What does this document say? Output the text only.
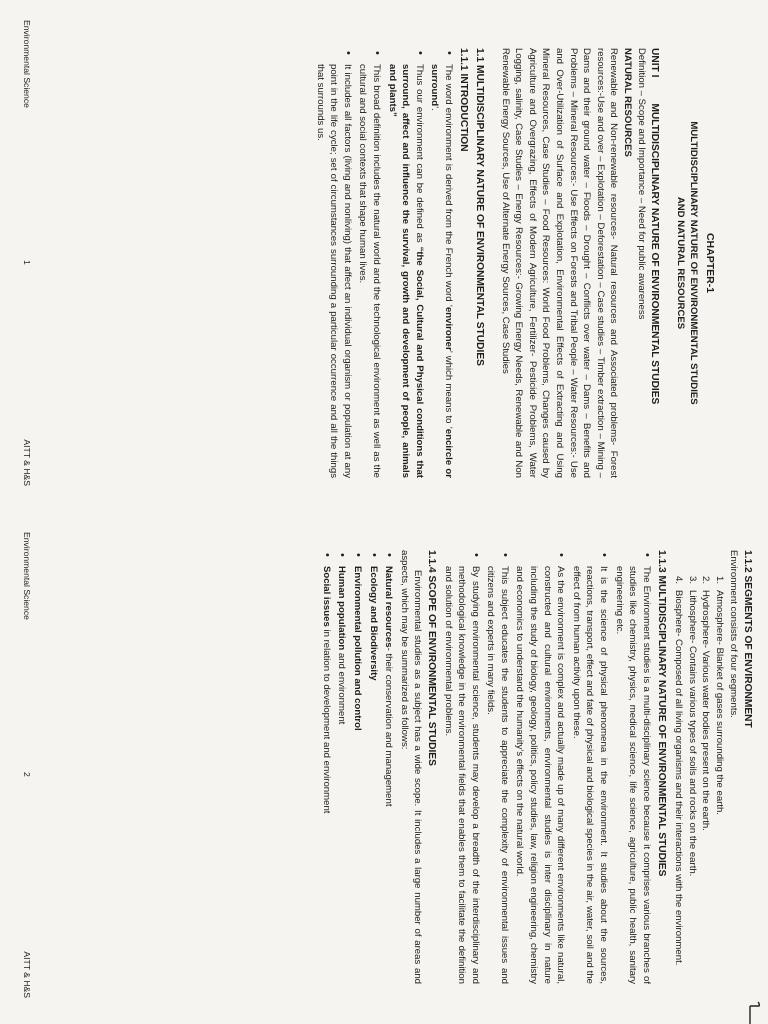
CHAPTER-1
MULTIDISCIPLINARY NATURE OF ENVIRONMENTAL STUDIES
AND NATURAL RESOURCES
UNIT IMULTIDISCIPLINARY NATURE OF ENVIRONMENTAL STUDIES
Definition – Scope and Importance – Need for public awareness
NATURAL RESOURCES
Renewable and Non-renewable resources- Natural resources and Associated problems- Forest resources:-Use and over – Explotation – Deforestation – Case studies – Timber extraction – Mining – Dams and their ground water – Floods – Drought – Conflicts over water – Dams – Benefits and Problems – Mineral Resources:- Use Effects on Forests and Tribal People – Water Resources:- Use and Over-Utilization of Surface and Explotation, Environmental Effects of Extracting and Using Mineral Resources, Case Studies – Food Resources: World Food Problems, Changes caused by Agriculture and Overgrazing, Effects of Modern Agriculture, Fertilizer- Pesticide Problems, Water Logging, salinity, Case Studies – Energy Resources:- Growing Energy Needs, Renewable and Non Renewable Energy Sources, Use of Alternate Energy Sources, Case Studies
1.1 MULTIDISCIPLINARY NATURE OF ENVIRONMENTAL STUDIES
1.1.1 INTRODUCTION
• The word environment is derived from the French word ‘environer’ which means to ‘encircle or surround’.
• Thus our environment can be defined as “the Social, Cultural and Physical conditions that surround, affect and influence the survival, growth and development of people, animals and plants”
• This broad definition includes the natural world and the technological environment as well as the cultural and social contexts that shape human lives.
• It includes all factors (living and nonliving) that affect an individual organism or population at any point in the life cycle; set of circumstances surrounding a particular occurrence and all the things that surrounds us.
Environmental Science
1
AITT & H&S
1.1.2 SEGMENTS OF ENVIRONMENT
Environment consists of four segments.
1.
Atmosphere- Blanket of gases surrounding the earth.
2.
Hydrosphere- Various water bodies present on the earth.
3.
Lithosphere- Contains various types of soils and rocks on the earth.
4.
Biosphere- Composed of all living organisms and their interactions with the environment.
1.1.3 MULTIDISCIPLINARY NATURE OF ENVIRONMENTAL STUDIES
• The Environment studies is a multi-disciplinary science because it comprises various branches of studies like chemistry, physics, medical science, life science, agriculture, public health, sanitary engineering etc.
• It is the science of physical phenomena in the environment. It studies about the sources, reactions, transport, effect and fate of physical and biological species in the air, water, soil and the effect of from human activity upon these.
• As the environment is complex and actually made up of many different environments like natural, constructed and cultural environments, environmental studies is inter disciplinary in nature including the study of biology, geology, politics, policy studies, law, religion engineering, chemistry and economics to understand the humanity’s effects on the natural world.
• This subject educates the students to appreciate the complexity of environmental issues and citizens and experts in many fields.
• By studying environmental science, students may develop a breadth of the interdisciplinary and methodological knowledge in the environmental fields that enables them to facilitate the definition and solution of environmental problems.
1.1.4 SCOPE OF ENVIRONMENTAL STUDIES
Environmental studies as a subject has a wide scope. It includes a large number of areas and aspects, which may be summarized as follows:
• Natural resources- their conservation and management
• Ecology and Biodiversity
• Environmental pollution and control
• Human population and environment
• Social issues in relation to development and environment
Environmental Science
2
AITT & H&S
